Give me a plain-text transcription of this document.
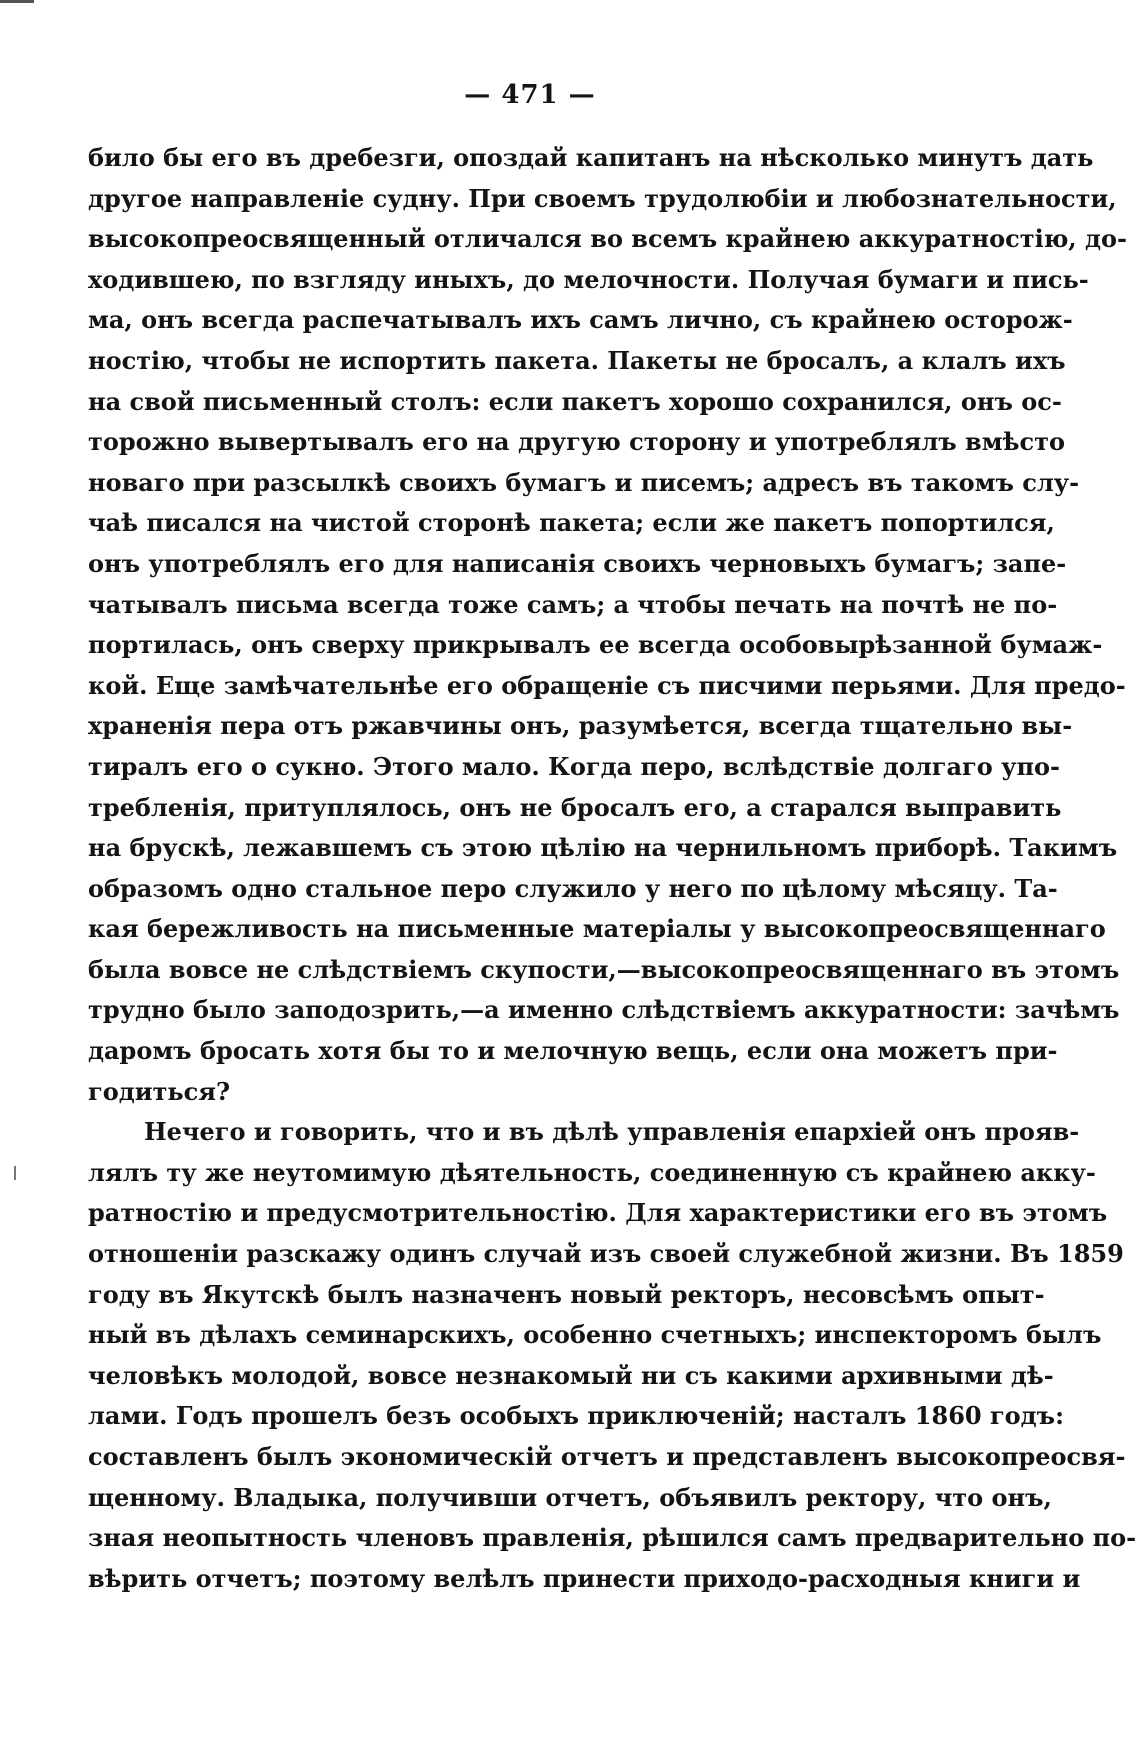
— 471 —
било бы его въ дребезги, опоздай капитанъ на нѣсколько минутъ дать
другое направленіе судну. При своемъ трудолюбіи и любознательности,
высокопреосвященный отличался во всемъ крайнею аккуратностію, до-
ходившею, по взгляду иныхъ, до мелочности. Получая бумаги и пись-
ма, онъ всегда распечатывалъ ихъ самъ лично, съ крайнею осторож-
ностію, чтобы не испортить пакета. Пакеты не бросалъ, а клалъ ихъ
на свой письменный столъ: если пакетъ хорошо сохранился, онъ ос-
торожно вывертывалъ его на другую сторону и употреблялъ вмѣсто
новаго при разсылкѣ своихъ бумагъ и писемъ; адресъ въ такомъ слу-
чаѣ писался на чистой сторонѣ пакета; если же пакетъ попортился,
онъ употреблялъ его для написанія своихъ черновыхъ бумагъ; запе-
чатывалъ письма всегда тоже самъ; а чтобы печать на почтѣ не по-
портилась, онъ сверху прикрывалъ ее всегда особовырѣзанной бумаж-
кой. Еще замѣчательнѣе его обращеніе съ писчими перьями. Для предо-
храненія пера отъ ржавчины онъ, разумѣется, всегда тщательно вы-
тиралъ его о сукно. Этого мало. Когда перо, вслѣдствіе долгаго упо-
требленія, притуплялось, онъ не бросалъ его, а старался выправить
на брускѣ, лежавшемъ съ этою цѣлію на чернильномъ приборѣ. Такимъ
образомъ одно стальное перо служило у него по цѣлому мѣсяцу. Та-
кая бережливость на письменные матеріалы у высокопреосвященнаго
была вовсе не слѣдствіемъ скупости,—высокопреосвященнаго въ этомъ
трудно было заподозрить,—а именно слѣдствіемъ аккуратности: зачѣмъ
даромъ бросать хотя бы то и мелочную вещь, если она можетъ при-
годиться?
Нечего и говорить, что и въ дѣлѣ управленія епархіей онъ прояв-
лялъ ту же неутомимую дѣятельность, соединенную съ крайнею акку-
ратностію и предусмотрительностію. Для характеристики его въ этомъ
отношеніи разскажу одинъ случай изъ своей служебной жизни. Въ 1859
году въ Якутскѣ былъ назначенъ новый ректоръ, несовсѣмъ опыт-
ный въ дѣлахъ семинарскихъ, особенно счетныхъ; инспекторомъ былъ
человѣкъ молодой, вовсе незнакомый ни съ какими архивными дѣ-
лами. Годъ прошелъ безъ особыхъ приключеній; насталъ 1860 годъ:
составленъ былъ экономическій отчетъ и представленъ высокопреосвя-
щенному. Владыка, получивши отчетъ, объявилъ ректору, что онъ,
зная неопытность членовъ правленія, рѣшился самъ предварительно по-
вѣрить отчетъ; поэтому велѣлъ принести приходо-расходныя книги и
